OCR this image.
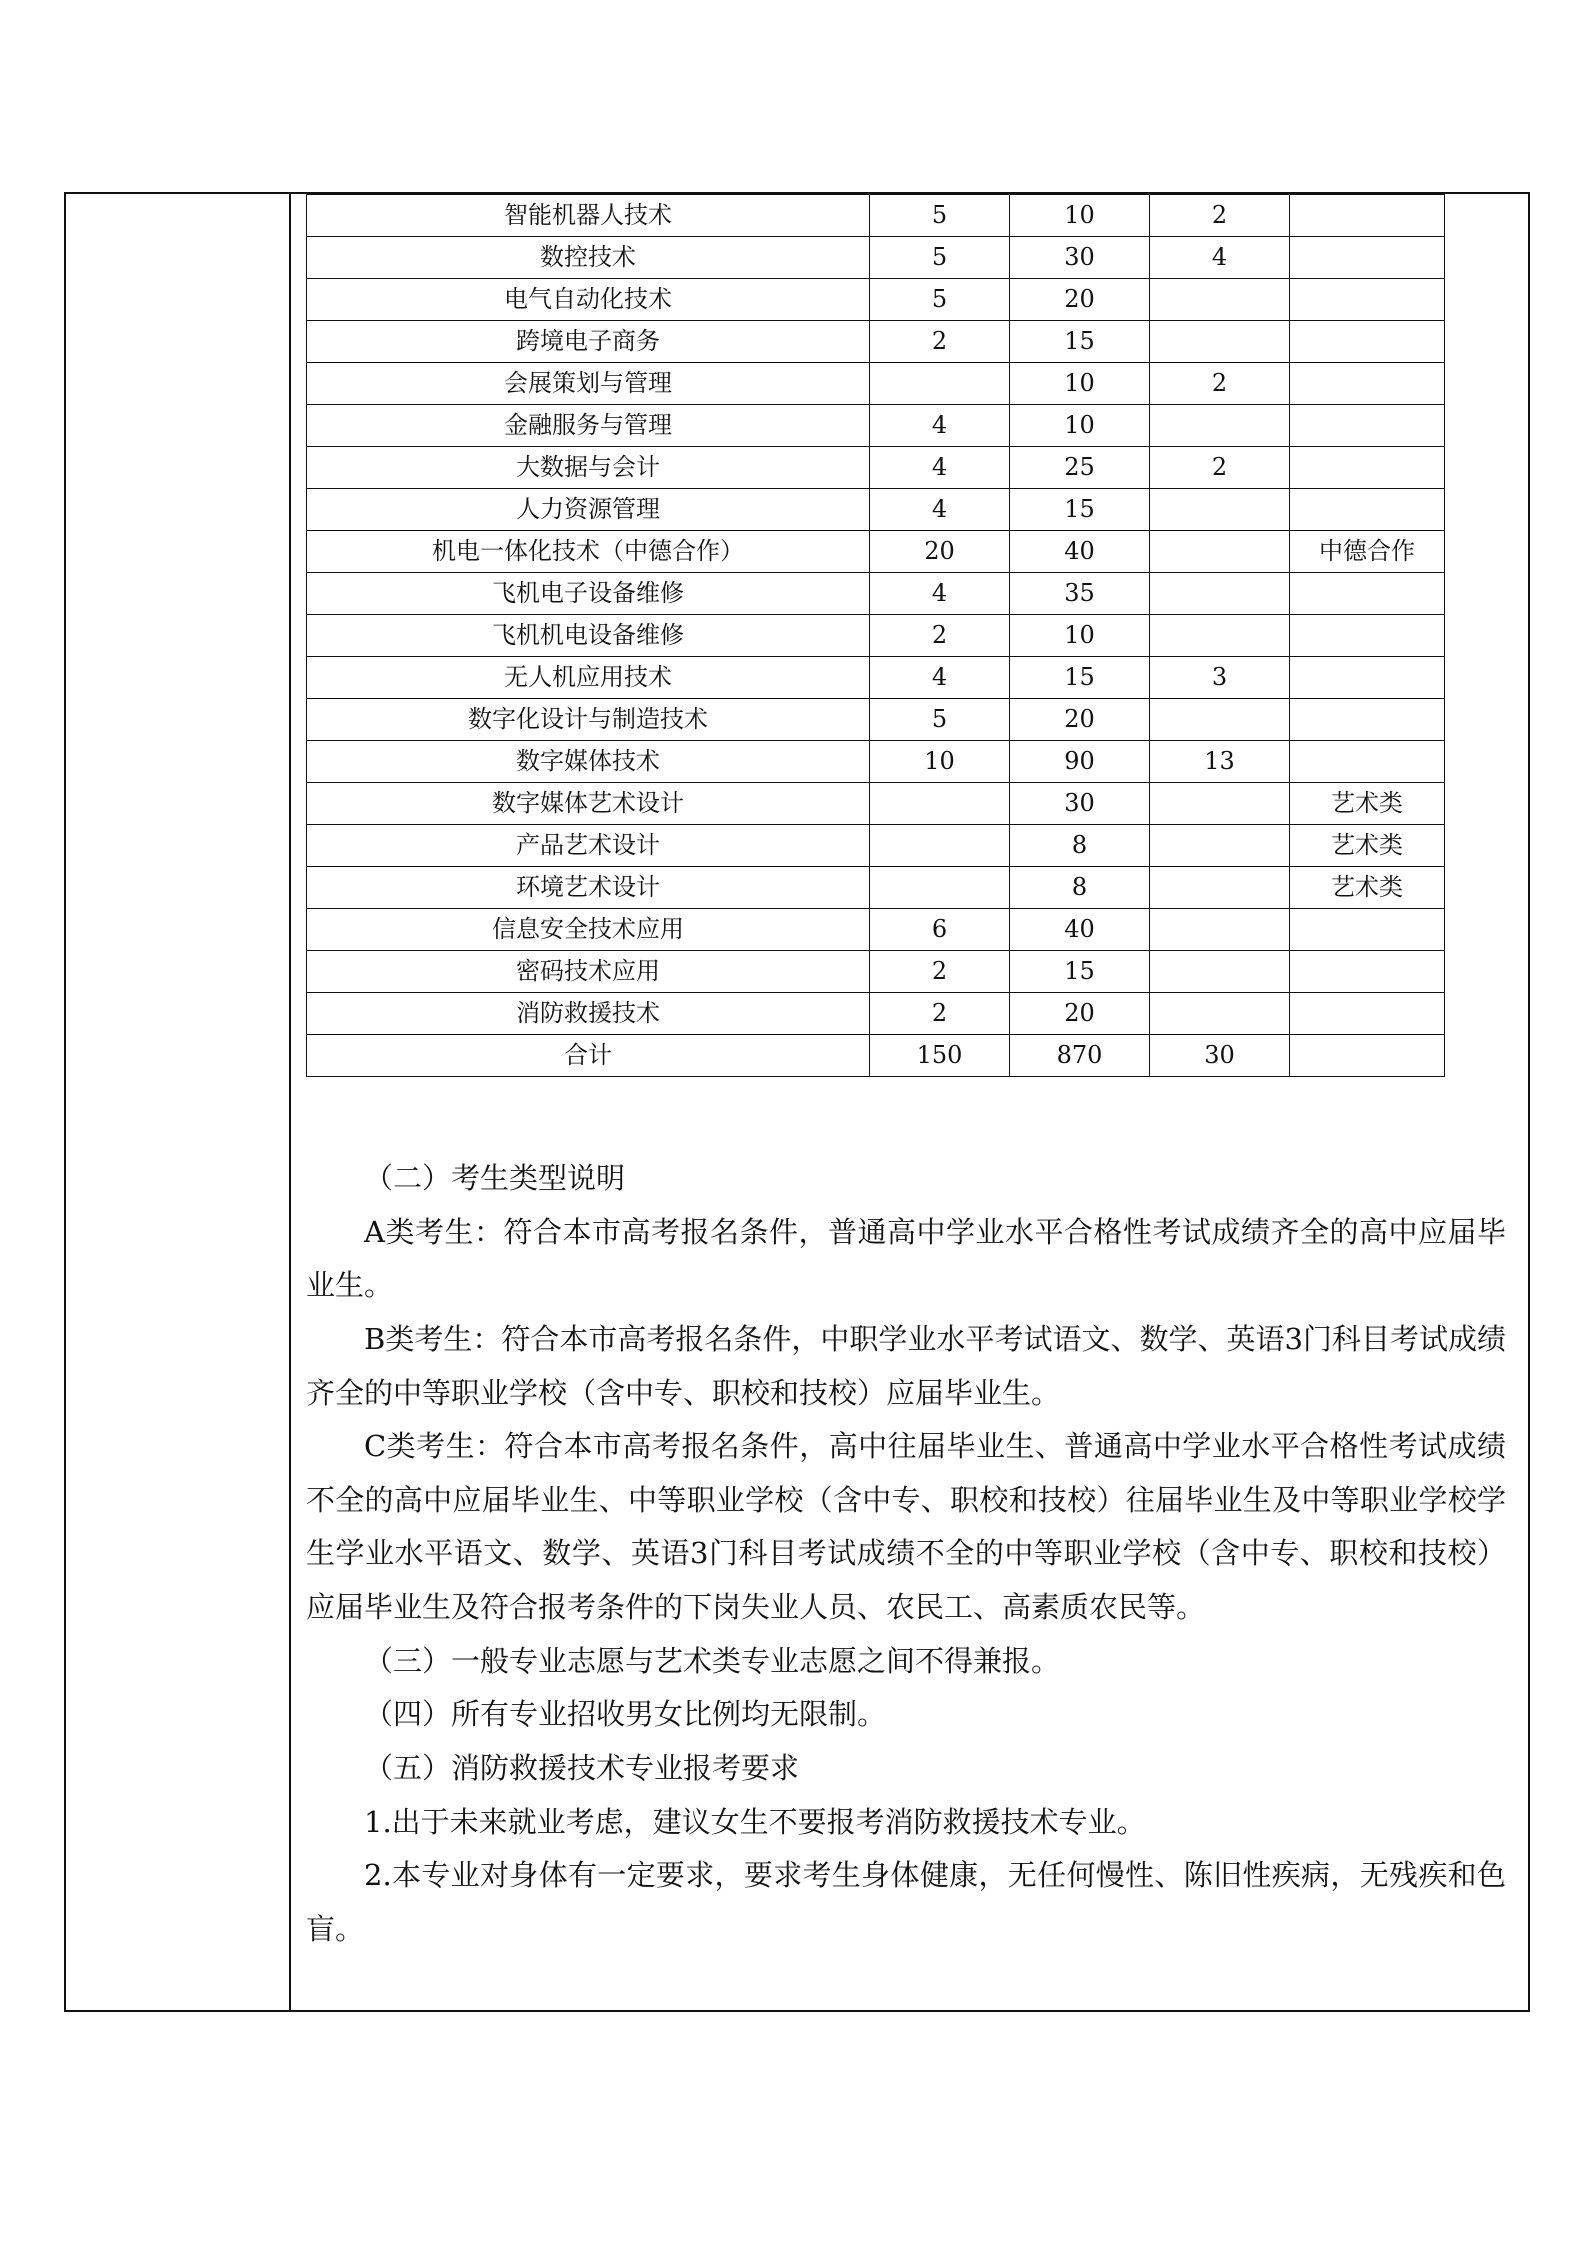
智能机器人技术	5	10	2	
数控技术	5	30	4	
电气自动化技术	5	20		
跨境电子商务	2	15		
会展策划与管理		10	2	
金融服务与管理	4	10		
大数据与会计	4	25	2	
人力资源管理	4	15		
机电一体化技术（中德合作）	20	40		中德合作
飞机电子设备维修	4	35		
飞机机电设备维修	2	10		
无人机应用技术	4	15	3	
数字化设计与制造技术	5	20		
数字媒体技术	10	90	13	
数字媒体艺术设计		30		艺术类
产品艺术设计		8		艺术类
环境艺术设计		8		艺术类
信息安全技术应用	6	40		
密码技术应用	2	15		
消防救援技术	2	20		
合计	150	870	30	

（二）考生类型说明

A类考生：符合本市高考报名条件，普通高中学业水平合格性考试成绩齐全的高中应届毕业生。

B类考生：符合本市高考报名条件，中职学业水平考试语文、数学、英语3门科目考试成绩齐全的中等职业学校（含中专、职校和技校）应届毕业生。

C类考生：符合本市高考报名条件，高中往届毕业生、普通高中学业水平合格性考试成绩不全的高中应届毕业生、中等职业学校（含中专、职校和技校）往届毕业生及中等职业学校学生学业水平语文、数学、英语3门科目考试成绩不全的中等职业学校（含中专、职校和技校）应届毕业生及符合报考条件的下岗失业人员、农民工、高素质农民等。

（三）一般专业志愿与艺术类专业志愿之间不得兼报。

（四）所有专业招收男女比例均无限制。

（五）消防救援技术专业报考要求

1.出于未来就业考虑，建议女生不要报考消防救援技术专业。

2.本专业对身体有一定要求，要求考生身体健康，无任何慢性、陈旧性疾病，无残疾和色盲。
